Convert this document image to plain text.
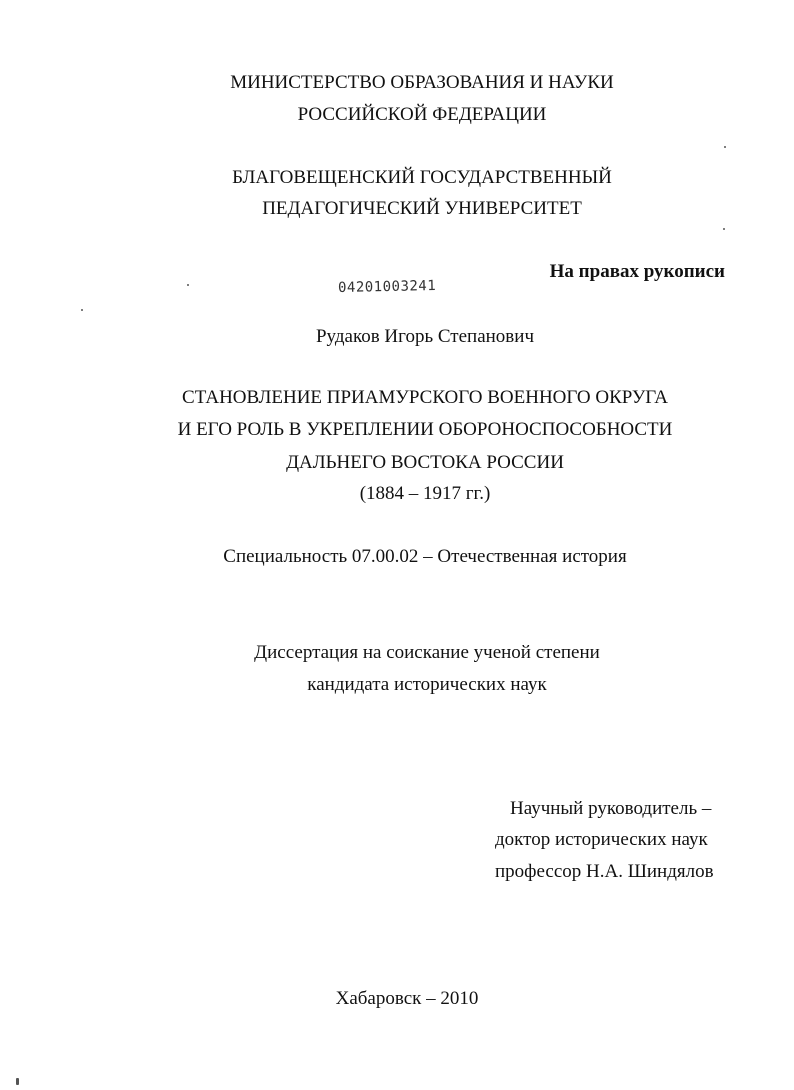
МИНИСТЕРСТВО ОБРАЗОВАНИЯ И НАУКИ
РОССИЙСКОЙ ФЕДЕРАЦИИ
БЛАГОВЕЩЕНСКИЙ ГОСУДАРСТВЕННЫЙ
ПЕДАГОГИЧЕСКИЙ УНИВЕРСИТЕТ
На правах рукописи
04201003241
Рудаков Игорь Степанович
СТАНОВЛЕНИЕ ПРИАМУРСКОГО ВОЕННОГО ОКРУГА
И ЕГО РОЛЬ В УКРЕПЛЕНИИ ОБОРОНОСПОСОБНОСТИ
ДАЛЬНЕГО ВОСТОКА РОССИИ
(1884 – 1917 гг.)
Специальность 07.00.02 – Отечественная история
Диссертация на соискание ученой степени
кандидата исторических наук
Научный руководитель –
доктор исторических наук
профессор Н.А. Шиндялов
Хабаровск – 2010
